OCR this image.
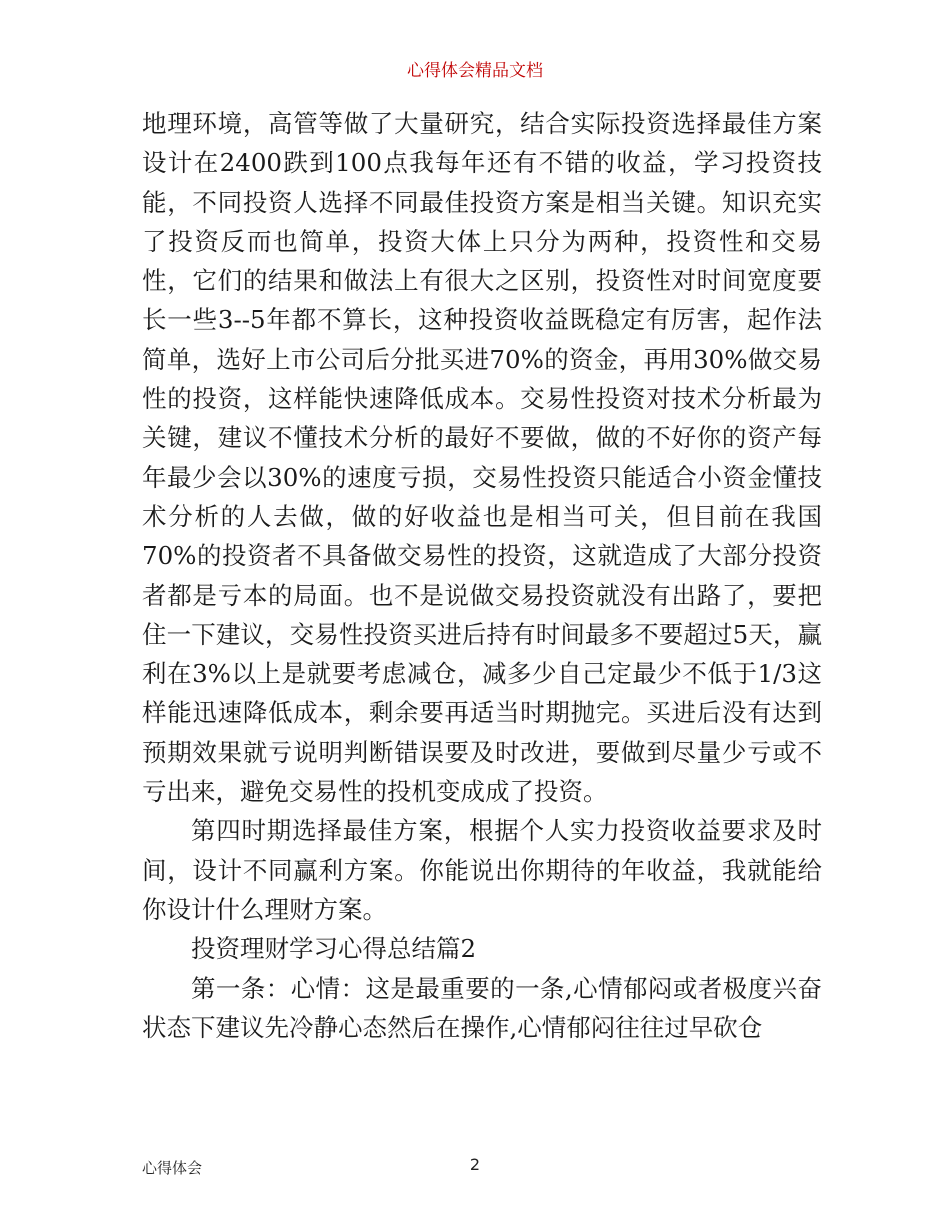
心得体会精品文档

地理环境，高管等做了大量研究，结合实际投资选择最佳方案设计在2400跌到100点我每年还有不错的收益，学习投资技能，不同投资人选择不同最佳投资方案是相当关键。知识充实了投资反而也简单，投资大体上只分为两种，投资性和交易性，它们的结果和做法上有很大之区别，投资性对时间宽度要长一些3--5年都不算长，这种投资收益既稳定有厉害，起作法简单，选好上市公司后分批买进70%的资金，再用30%做交易性的投资，这样能快速降低成本。交易性投资对技术分析最为关键，建议不懂技术分析的最好不要做，做的不好你的资产每年最少会以30%的速度亏损，交易性投资只能适合小资金懂技术分析的人去做，做的好收益也是相当可关，但目前在我国70%的投资者不具备做交易性的投资，这就造成了大部分投资者都是亏本的局面。也不是说做交易投资就没有出路了，要把住一下建议，交易性投资买进后持有时间最多不要超过5天，赢利在3%以上是就要考虑减仓，减多少自己定最少不低于1/3这样能迅速降低成本，剩余要再适当时期抛完。买进后没有达到预期效果就亏说明判断错误要及时改进，要做到尽量少亏或不亏出来，避免交易性的投机变成成了投资。

第四时期选择最佳方案，根据个人实力投资收益要求及时间，设计不同赢利方案。你能说出你期待的年收益，我就能给你设计什么理财方案。

投资理财学习心得总结篇2

第一条：心情：这是最重要的一条,心情郁闷或者极度兴奋状态下建议先冷静心态然后在操作,心情郁闷往往过早砍仓

心得体会	2
